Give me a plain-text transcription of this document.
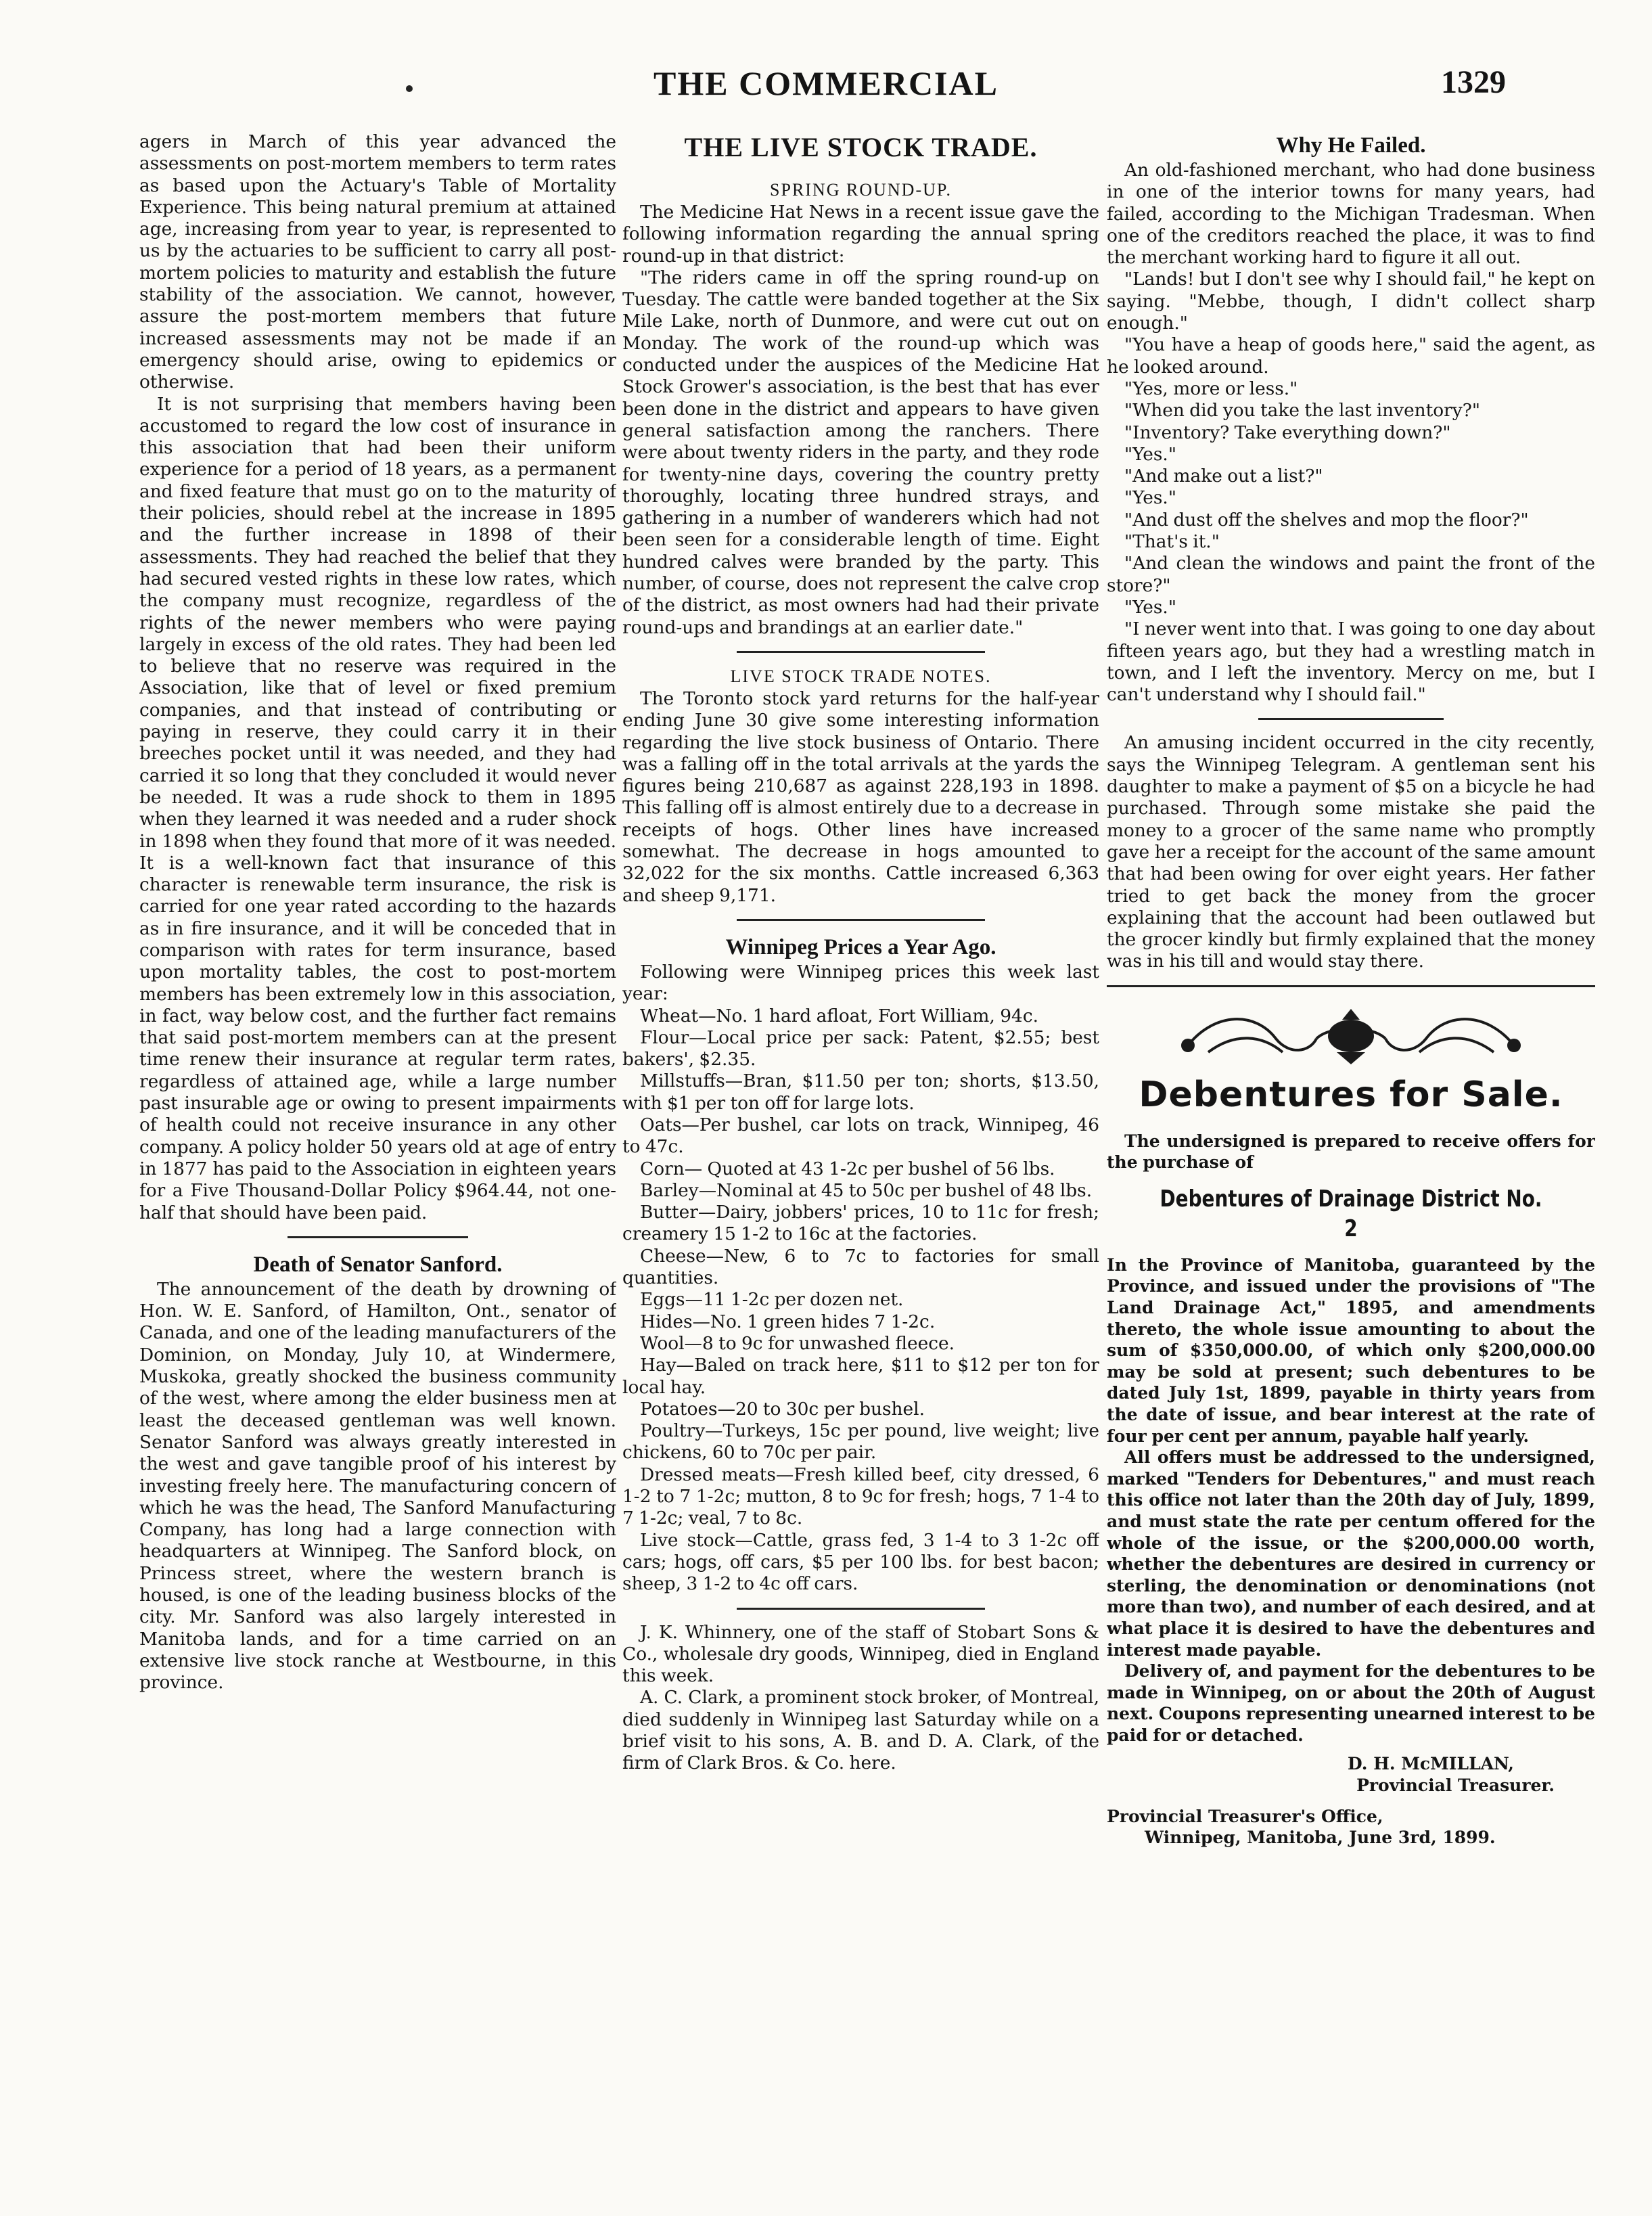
THE COMMERCIAL	1329

agers in March of this year advanced the assessments on post-mortem members to term rates as based upon the Actuary's Table of Mortality Experience. This being natural premium at attained age, increasing from year to year, is represented to us by the actuaries to be sufficient to carry all post-mortem policies to maturity and establish the future stability of the association. We cannot, however, assure the post-mortem members that future increased assessments may not be made if an emergency should arise, owing to epidemics or otherwise.

It is not surprising that members having been accustomed to regard the low cost of insurance in this association that had been their uniform experience for a period of 18 years, as a permanent and fixed feature that must go on to the maturity of their policies, should rebel at the increase in 1895 and the further increase in 1898 of their assessments. They had reached the belief that they had secured vested rights in these low rates, which the company must recognize, regardless of the rights of the newer members who were paying largely in excess of the old rates. They had been led to believe that no reserve was required in the Association, like that of level or fixed premium companies, and that instead of contributing or paying in reserve, they could carry it in their breeches pocket until it was needed, and they had carried it so long that they concluded it would never be needed. It was a rude shock to them in 1895 when they learned it was needed and a ruder shock in 1898 when they found that more of it was needed. It is a well-known fact that insurance of this character is renewable term insurance, the risk is carried for one year rated according to the hazards as in fire insurance, and it will be conceded that in comparison with rates for term insurance, based upon mortality tables, the cost to post-mortem members has been extremely low in this association, in fact, way below cost, and the further fact remains that said post-mortem members can at the present time renew their insurance at regular term rates, regardless of attained age, while a large number past insurable age or owing to present impairments of health could not receive insurance in any other company. A policy holder 50 years old at age of entry in 1877 has paid to the Association in eighteen years for a Five Thousand-Dollar Policy $964.44, not one-half that should have been paid.

Death of Senator Sanford.

The announcement of the death by drowning of Hon. W. E. Sanford, of Hamilton, Ont., senator of Canada, and one of the leading manufacturers of the Dominion, on Monday, July 10, at Windermere, Muskoka, greatly shocked the business community of the west, where among the elder business men at least the deceased gentleman was well known. Senator Sanford was always greatly interested in the west and gave tangible proof of his interest by investing freely here. The manufacturing concern of which he was the head, The Sanford Manufacturing Company, has long had a large connection with headquarters at Winnipeg. The Sanford block, on Princess street, where the western branch is housed, is one of the leading business blocks of the city. Mr. Sanford was also largely interested in Manitoba lands, and for a time carried on an extensive live stock ranche at Westbourne, in this province.

THE LIVE STOCK TRADE.

SPRING ROUND-UP.

The Medicine Hat News in a recent issue gave the following information regarding the annual spring round-up in that district:

"The riders came in off the spring round-up on Tuesday. The cattle were banded together at the Six Mile Lake, north of Dunmore, and were cut out on Monday. The work of the round-up which was conducted under the auspices of the Medicine Hat Stock Grower's association, is the best that has ever been done in the district and appears to have given general satisfaction among the ranchers. There were about twenty riders in the party, and they rode for twenty-nine days, covering the country pretty thoroughly, locating three hundred strays, and gathering in a number of wanderers which had not been seen for a considerable length of time. Eight hundred calves were branded by the party. This number, of course, does not represent the calve crop of the district, as most owners had had their private round-ups and brandings at an earlier date."

LIVE STOCK TRADE NOTES.

The Toronto stock yard returns for the half-year ending June 30 give some interesting information regarding the live stock business of Ontario. There was a falling off in the total arrivals at the yards the figures being 210,687 as against 228,193 in 1898. This falling off is almost entirely due to a decrease in receipts of hogs. Other lines have increased somewhat. The decrease in hogs amounted to 32,022 for the six months. Cattle increased 6,363 and sheep 9,171.

Winnipeg Prices a Year Ago.

Following were Winnipeg prices this week last year:

Wheat—No. 1 hard afloat, Fort William, 94c.

Flour—Local price per sack: Patent, $2.55; best bakers', $2.35.

Millstuffs—Bran, $11.50 per ton; shorts, $13.50, with $1 per ton off for large lots.

Oats—Per bushel, car lots on track, Winnipeg, 46 to 47c.

Corn— Quoted at 43 1-2c per bushel of 56 lbs.

Barley—Nominal at 45 to 50c per bushel of 48 lbs.

Butter—Dairy, jobbers' prices, 10 to 11c for fresh; creamery 15 1-2 to 16c at the factories.

Cheese—New, 6 to 7c to factories for small quantities.

Eggs—11 1-2c per dozen net.

Hides—No. 1 green hides 7 1-2c.

Wool—8 to 9c for unwashed fleece.

Hay—Baled on track here, $11 to $12 per ton for local hay.

Potatoes—20 to 30c per bushel.

Poultry—Turkeys, 15c per pound, live weight; live chickens, 60 to 70c per pair.

Dressed meats—Fresh killed beef, city dressed, 6 1-2 to 7 1-2c; mutton, 8 to 9c for fresh; hogs, 7 1-4 to 7 1-2c; veal, 7 to 8c.

Live stock—Cattle, grass fed, 3 1-4 to 3 1-2c off cars; hogs, off cars, $5 per 100 lbs. for best bacon; sheep, 3 1-2 to 4c off cars.

J. K. Whinnery, one of the staff of Stobart Sons & Co., wholesale dry goods, Winnipeg, died in England this week.

A. C. Clark, a prominent stock broker, of Montreal, died suddenly in Winnipeg last Saturday while on a brief visit to his sons, A. B. and D. A. Clark, of the firm of Clark Bros. & Co. here.

Why He Failed.

An old-fashioned merchant, who had done business in one of the interior towns for many years, had failed, according to the Michigan Tradesman. When one of the creditors reached the place, it was to find the merchant working hard to figure it all out.

"Lands! but I don't see why I should fail," he kept on saying. "Mebbe, though, I didn't collect sharp enough."

"You have a heap of goods here," said the agent, as he looked around.

"Yes, more or less."

"When did you take the last inventory?"

"Inventory? Take everything down?"

"Yes."

"And make out a list?"

"Yes."

"And dust off the shelves and mop the floor?"

"That's it."

"And clean the windows and paint the front of the store?"

"Yes."

"I never went into that. I was going to one day about fifteen years ago, but they had a wrestling match in town, and I left the inventory. Mercy on me, but I can't understand why I should fail."

An amusing incident occurred in the city recently, says the Winnipeg Telegram. A gentleman sent his daughter to make a payment of $5 on a bicycle he had purchased. Through some mistake she paid the money to a grocer of the same name who promptly gave her a receipt for the account of the same amount that had been owing for over eight years. Her father tried to get back the money from the grocer explaining that the account had been outlawed but the grocer kindly but firmly explained that the money was in his till and would stay there.

Debentures for Sale.

The undersigned is prepared to receive offers for the purchase of

Debentures of Drainage District No. 2

In the Province of Manitoba, guaranteed by the Province, and issued under the provisions of "The Land Drainage Act," 1895, and amendments thereto, the whole issue amounting to about the sum of $350,000.00, of which only $200,000.00 may be sold at present; such debentures to be dated July 1st, 1899, payable in thirty years from the date of issue, and bear interest at the rate of four per cent per annum, payable half yearly.

All offers must be addressed to the undersigned, marked "Tenders for Debentures," and must reach this office not later than the 20th day of July, 1899, and must state the rate per centum offered for the whole of the issue, or the $200,000.00 worth, whether the debentures are desired in currency or sterling, the denomination or denominations (not more than two), and number of each desired, and at what place it is desired to have the debentures and interest made payable.

Delivery of, and payment for the debentures to be made in Winnipeg, on or about the 20th of August next. Coupons representing unearned interest to be paid for or detached.

D. H. McMILLAN,

Provincial Treasurer.

Provincial Treasurer's Office,

Winnipeg, Manitoba, June 3rd, 1899.
